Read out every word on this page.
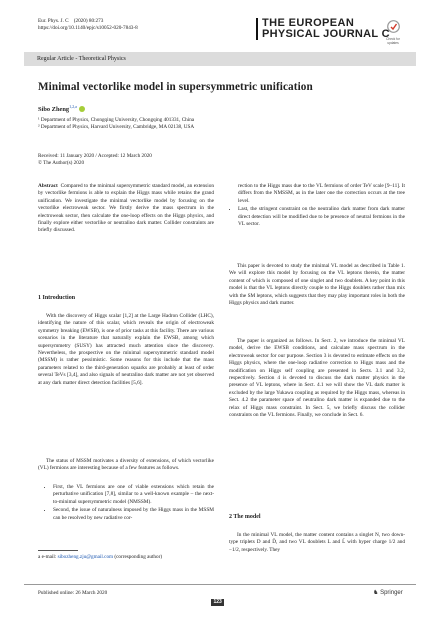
Eur. Phys. J. C (2020) 80:273
https://doi.org/10.1140/epjc/s10052-020-7843-8	THE EUROPEAN
PHYSICAL JOURNAL C
Check for updates
Regular Article - Theoretical Physics
Minimal vectorlike model in supersymmetric unification
Sibo Zheng$^{1,2,a}$
¹ Department of Physics, Chongqing University, Chongqing 401331, China
² Department of Physics, Harvard University, Cambridge, MA 02138, USA
Received: 11 January 2020 / Accepted: 12 March 2020
© The Author(s) 2020
Abstract Compared to the minimal supersymmetric standard model, an extension by vectorlike fermions is able to explain the Higgs mass while retains the grand unification. We investigate the minimal vectorlike model by focusing on the vectorlike electroweak sector. We firstly derive the mass spectrum in the electroweak sector, then calculate the one-loop effects on the Higgs physics, and finally explore either vectorlike or neutralino dark matter. Collider constraints are briefly discussed.
1 Introduction
With the discovery of Higgs scalar [1,2] at the Large Hadron Collider (LHC), identifying the nature of this scalar, which reveals the origin of electroweak symmetry breaking (EWSB), is one of prior tasks at this facility. There are various scenarios in the literature that naturally explain the EWSB, among which supersymmetry (SUSY) has attracted much attention since the discovery. Nevertheless, the prospective on the minimal supersymmetric standard model (MSSM) is rather pessimistic. Some reasons for this include that the mass parameters related to the third-generation squarks are probably at least of order several TeVs [3,4], and also signals of neutralino dark matter are not yet observed at any dark matter direct detection facilities [5,6].
The status of MSSM motivates a diversity of extensions, of which vectorlike (VL) fermions are interesting because of a few features as follows.
• First, the VL fermions are one of viable extensions which retain the perturbative unification [7,8], similar to a well-known example – the next-to-minimal supersymmetric model (NMSSM).
• Second, the issue of naturalness imposed by the Higgs mass in the MSSM can be resolved by new radiative cor-
rection to the Higgs mass due to the VL fermions of order TeV scale [9–11]. It differs from the NMSSM, as in the later one the correction occurs at the tree level.
• Last, the stringent constraint on the neutralino dark matter from dark matter direct detection will be modified due to be presence of neutral fermions in the VL sector.
This paper is devoted to study the minimal VL model as described in Table 1. We will explore this model by focusing on the VL leptons therein, the matter content of which is composed of one singlet and two doublets. A key point in this model is that the VL leptons directly couple to the Higgs doublets rather than mix with the SM leptons, which suggests that they may play important roles in both the Higgs physics and dark matter.
The paper is organized as follows. In Sect. 2, we introduce the minimal VL model, derive the EWSB conditions, and calculate mass spectrum in the electroweak sector for our purpose. Section 3 is devoted to estimate effects on the Higgs physics, where the one-loop radiative correction to Higgs mass and the modification on Higgs self coupling are presented in Sects. 3.1 and 3.2, respectively. Section 4 is devoted to discuss the dark matter physics in the presence of VL leptons, where in Sect. 4.1 we will show the VL dark matter is excluded by the large Yukawa coupling as required by the Higgs mass, whereas in Sect. 4.2 the parameter space of neutralino dark matter is expanded due to the relax of Higgs mass constraint. In Sect. 5, we briefly discuss the collider constraints on the VL fermions. Finally, we conclude in Sect. 6.
2 The model
In the minimal VL model, the matter content contains a singlet N, two down-type triplets D and D̄, and two VL doublets L and L̄ with hyper charge 1/2 and −1/2, respectively. They
a e-mail: sibozheng.zju@gmail.com (corresponding author)
Published online: 26 March 2020
123
♞ Springer
